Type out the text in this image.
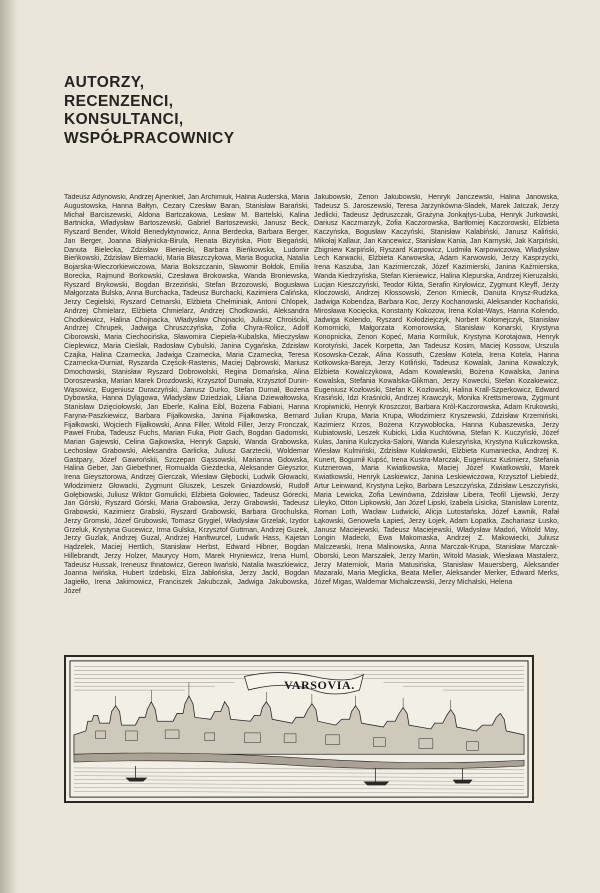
AUTORZY,
RECENZENCI,
KONSULTANCI,
WSPÓŁPRACOWNICY
Tadeusz Adynowski, Andrzej Ajnenkiel, Jan Archimiuk, Halina Auderska, Maria Augustowska, Hanna Bałtyn, Cezary Czesław Baran, Stanisław Barański, Michał Barciszewski, Aldona Bartczakowa, Lesław M. Bartelski, Kalina Bartnicka, Władysław Bartoszewski, Gabriel Bartoszewski, Janusz Beck, Ryszard Bender, Witold Benedyktynowicz, Anna Berdecka, Barbara Berger, Jan Berger, Joanna Białynicka-Birula, Renata Bizyńska, Piotr Biegański, Danuta Bielecka, Zdzisław Bieniecki, Barbara Bieńkowska, Ludomir Bieńkowski, Zdzisław Biernacki, Maria Błaszczykowa, Maria Bogucka, Natalia Bojarska-Wieczorkiewiczowa, Maria Bokszczanin, Sławomir Bołdok, Emilia Borecka, Rajmund Borkowski, Czesława Brokowska, Wanda Broniewska, Ryszard Brykowski, Bogdan Brzeziński, Stefan Brzozowski, Bogusława Małgorzata Bulska, Anna Burchacka, Tadeusz Burchacki, Kazimiera Calińska, Jerzy Cegielski, Ryszard Cetnarski, Elżbieta Chełminiak, Antoni Chlopek, Andrzej Chmielarz, Elżbieta Chmielarz, Andrzej Chodkowski, Aleksandra Chodkiewicz, Halina Chojnacka, Władysław Chojnacki, Juliusz Chroiściki, Andrzej Chrupek, Jadwiga Chruszczyńska, Zofia Chyra-Rolicz, Adolf Ciborowski, Maria Ciechocińska, Sławomira Ciepiela-Kubalska, Mieczysław Cieplewicz, Maria Cieślak, Radosław Cybulski, Janina Cygańska, Zdzisław Czajka, Halina Czarnecka, Jadwiga Czarnecka, Maria Czarnecka, Teresa Czarnecka-Durniat, Ryszarda Częścik-Rastenis, Maciej Dąbrowski, Mariusz Dmochowski, Stanisław Ryszard Dobrowolski, Regina Domańska, Alina Doroszewska, Marian Marek Drozdowski, Krzysztof Dumała, Krzysztof Dunin-Wąsowicz, Eugeniusz Duraczyński, Janusz Durko, Stefan Durnał, Bożena Dybowska, Hanna Dylągowa, Władysław Dziedziak, Liliana Dziewałtowska, Stanisław Dzięciołowski, Jan Eberle, Kalina Eibl, Bożena Fabiani, Hanna Faryna-Paszkiewicz, Barbara Fijałkowska, Janina Fijałkowska, Bernard Fijałkowski, Wojciech Fijałkowski, Anna Filler, Witold Filler, Jerzy Fronczak, Paweł Fruba, Tadeusz Fuchs, Marian Fuka, Piotr Gach, Bogdan Gadomski, Marian Gajewski, Celina Gajkowska, Henryk Gapski, Wanda Grabowska, Lechosław Grabowski, Aleksandra Garlicka, Juliusz Garztecki, Woldemar Gastpary, Józef Gawrońskii, Szczepan Gąssowski, Marianna Gdowska, Halina Geber, Jan Giebethner, Romualda Gieżdecka, Aleksander Gieysztor, Irena Gieysztorowa, Andrzej Gierczak, Wiesław Głębocki, Ludwik Głowacki, Włodzimierz Głowacki, Zygmunt Gluszek, Leszek Gniazdowski, Rudolf Gołębiowski, Juliusz Wiktor Gomulicki, Elżbieta Gołowiec, Tadeusz Górecki, Jan Górski, Ryszard Górski, Maria Grabowska, Jerzy Grabowski, Tadeusz Grabowski, Kazimierz Grabski, Ryszard Grabowski, Barbara Grochulska, Jerzy Gromski, Józef Grubowski, Tomasz Grygiel, Władysław Grzelak, Izydor Grzeluk, Krystyna Gucewicz, Irma Gulska, Krzysztof Guttman, Andrzej Guzek, Jerzy Guzlak, Andrzej Guzal, Andrzej Hanftwurcel, Ludwik Hass, Kajetan Hądzelek, Maciej Hertlich, Stanisław Herbst, Edward Hibner, Bogdan Hillebrandt, Jerzy Holzer, Maurycy Horn, Marek Hryniewicz, Irena Huml, Tadeusz Hussak, Ireneusz Ihnatowicz, Gereon Iwański, Natalia Iwaszkiewicz, Joanna Iwińska, Hubert Izdebski, Elza Jabłońska, Jerzy Jackl, Bogdan Jagiełło, Irena Jakimowicz, Franciszek Jakubczak, Jadwiga Jakubowska, Józef
Jakubowski, Zenon Jakubowski, Henryk Janczewski, Halina Janowska, Tadeusz S. Jaroszewski, Teresa Jarzynkówna-Sładek, Marek Jatczak, Jerzy Jedlicki, Tadeusz Jędruszczak, Grażyna Jonkajtys-Luba, Henryk Jurkowski, Dariusz Kaczmarzyk, Zofia Kaczorowska, Bartłomiej Kaczorowski, Elżbieta Kaczyńska, Bogusław Kaczyński, Stanisław Kalabiński, Janusz Kaliński, Mikołaj Kallaur, Jan Kancewicz, Stanisław Kania, Jan Karnyski, Jak Karpiński, Zbigniew Karpiński, Ryszard Karpowicz, Ludmiła Karpowiczowa, Władysław Lech Karwacki, Elżbieta Karwowska, Adam Karwowski, Jerzy Kasprzycki, Irena Kaszuba, Jan Kazimierczak, Józef Kazimierski, Janina Kaźmierska, Wanda Kiedrzyńska, Stefan Kieniewicz, Halina Klepurska, Andrzej Kieruzalski, Lucjan Kieszczyński, Teodor Kikta, Serafin Kiryłowicz, Zygmunt Kleyff, Jerzy Kłoczowski, Andrzej Kłossowski, Zenon Kmiecik, Danuta Knysz-Rudzka, Jadwiga Kobendza, Barbara Koc, Jerzy Kochanowski, Aleksander Kochański, Mirosława Kocięcka, Konstanty Kokozow, Irena Kolat-Ways, Hanna Kolendo, Jadwiga Kolendo, Ryszard Kołodziejczyk, Norbert Kołomejczyk, Stanisław Komornicki, Małgorzata Komorowska, Stanisław Konarski, Krystyna Konopnicka, Zenon Kopeć, Maria Kormiluk, Krystyna Korotajowa, Henryk Korotyński, Jacek Korpetta, Jan Tadeusz Kosim, Maciej Kossow, Urszula Kosowska-Cezak, Alina Kossuth, Czesław Kotela, Irena Kotela, Hanna Kotkowska-Bareja, Jerzy Kotliński, Tadeusz Kowalak, Janina Kowalczyk, Elżbieta Kowalczykowa, Adam Kowalewski, Bożena Kowalska, Janina Kowalska, Stefania Kowalska-Glikman, Jerzy Kowecki, Stefan Kozakiewicz, Eugeniusz Kozłowski, Stefan K. Kozłowski, Halina Krall-Szperkowicz, Edward Krasiński, Idzi Kraśnicki, Andrzej Krawczyk, Monika Krettsmerowa, Zygmunt Kropiwnicki, Henryk Kroszczor, Barbara Król-Kaczorowska, Adam Krukowski, Julian Krupa, Maria Krupa, Włodzimierz Kryszewski, Zdzisław Krzemiński, Kazimierz Krzos, Bożena Krzywobłocka, Hanna Kubaszewska, Jerzy Kubiatowski, Leszek Kubicki, Lidia Kuchtówna, Stefan K. Kuczyński, Józef Kulas, Janina Kulczycka-Saloni, Wanda Kuleszyńska, Krystyna Kuliczkowska, Wiesław Kulmiński, Zdzisław Kułakowski, Elżbieta Kumaniecka, Andrzej K. Kunert, Bogumił Kupść, Irena Kustra-Marczak, Eugeniusz Kuśmierz, Stefania Kutznerowa, Maria Kwiatkowska, Maciej Józef Kwiatkowski, Marek Kwiatkowski, Henryk Laskiewicz, Janina Leskiewiczowa, Krzysztof Liebiedź, Artur Leinwand, Krystyna Lejko, Barbara Leszczyńska, Zdzisław Leszczyński, Maria Lewicka, Zofia Lewinówna, Zdzisław Libera, Teofil Lijewski, Jerzy Lileyko, Otton Lipkowski, Jan Józef Lipski, Izabela Lisicka, Stanisław Lorentz, Roman Loth, Wacław Ludwicki, Alicja Lutostańska, Józef Ławnik, Rafał Łąkowski, Genowefa Łapieś, Jerzy Łojek, Adam Łopatka, Zachariasz Łusko, Janusz Maciejewski, Tadeusz Maciejewski, Władysław Madoń, Witold May, Longin Madecki, Ewa Makomaska, Andrzej Z. Makowiecki, Juliusz Malczewski, Irena Malinowska, Anna Marczak-Krupa, Stanisław Marczak-Oborski, Leon Marszałek, Jerzy Martin, Witold Masiak, Wiesława Mastalerz, Jerzy Materniok, Maria Matusińska, Stanisław Mauersberg, Aleksander Mazaraki, Maria Meglicka, Beata Meller, Aleksander Merker, Edward Merks, Józef Migas, Waldemar Michałczewski, Jerzy Michalski, Helena
VARSOVIA.
